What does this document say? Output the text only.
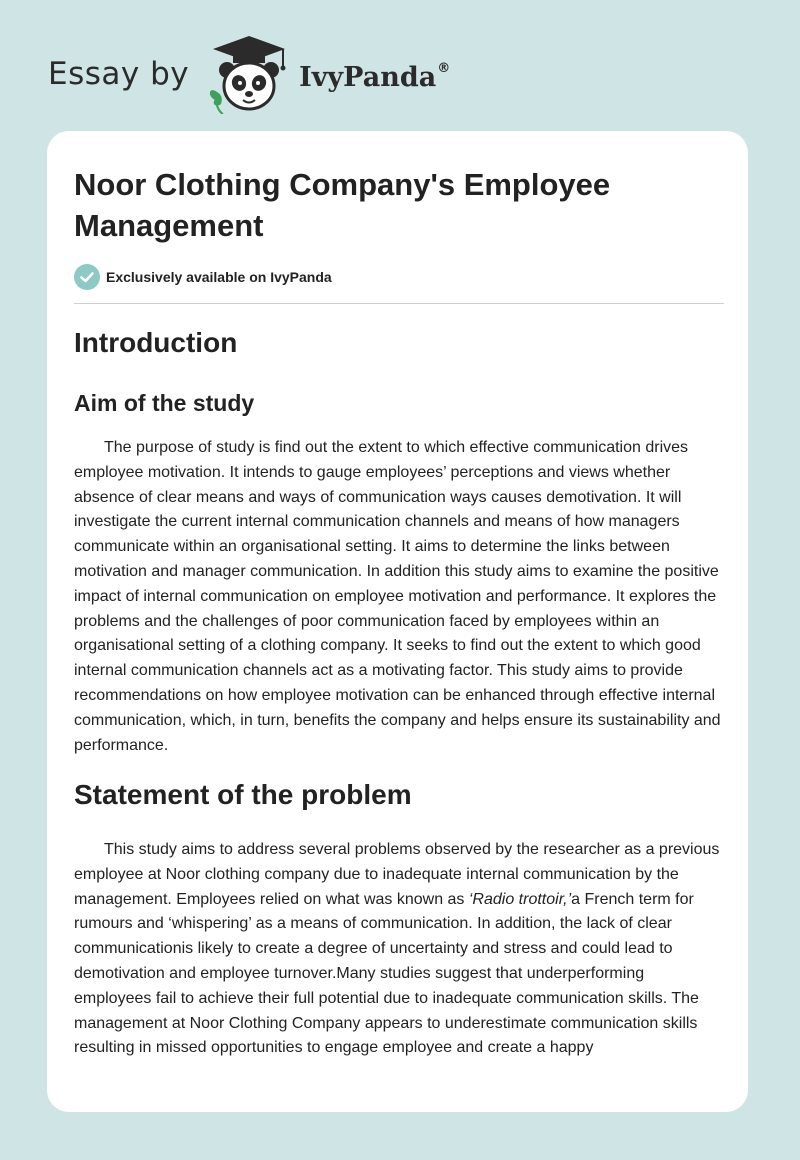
Essay by	IvyPanda®
Noor Clothing Company's Employee Management
Exclusively available on IvyPanda
Introduction
Aim of the study

The purpose of study is find out the extent to which effective communication drives employee motivation. It intends to gauge employees’ perceptions and views whether absence of clear means and ways of communication ways causes demotivation. It will investigate the current internal communication channels and means of how managers communicate within an organisational setting. It aims to determine the links between motivation and manager communication. In addition this study aims to examine the positive impact of internal communication on employee motivation and performance. It explores the problems and the challenges of poor communication faced by employees within an organisational setting of a clothing company. It seeks to find out the extent to which good internal communication channels act as a motivating factor. This study aims to provide recommendations on how employee motivation can be enhanced through effective internal communication, which, in turn, benefits the company and helps ensure its sustainability and performance.

Statement of the problem

This study aims to address several problems observed by the researcher as a previous employee at Noor clothing company due to inadequate internal communication by the management. Employees relied on what was known as ‘Radio trottoir,’a French term for rumours and ‘whispering’ as a means of communication. In addition, the lack of clear communicationis likely to create a degree of uncertainty and stress and could lead to demotivation and employee turnover.Many studies suggest that underperforming employees fail to achieve their full potential due to inadequate communication skills. The management at Noor Clothing Company appears to underestimate communication skills resulting in missed opportunities to engage employee and create a happy
